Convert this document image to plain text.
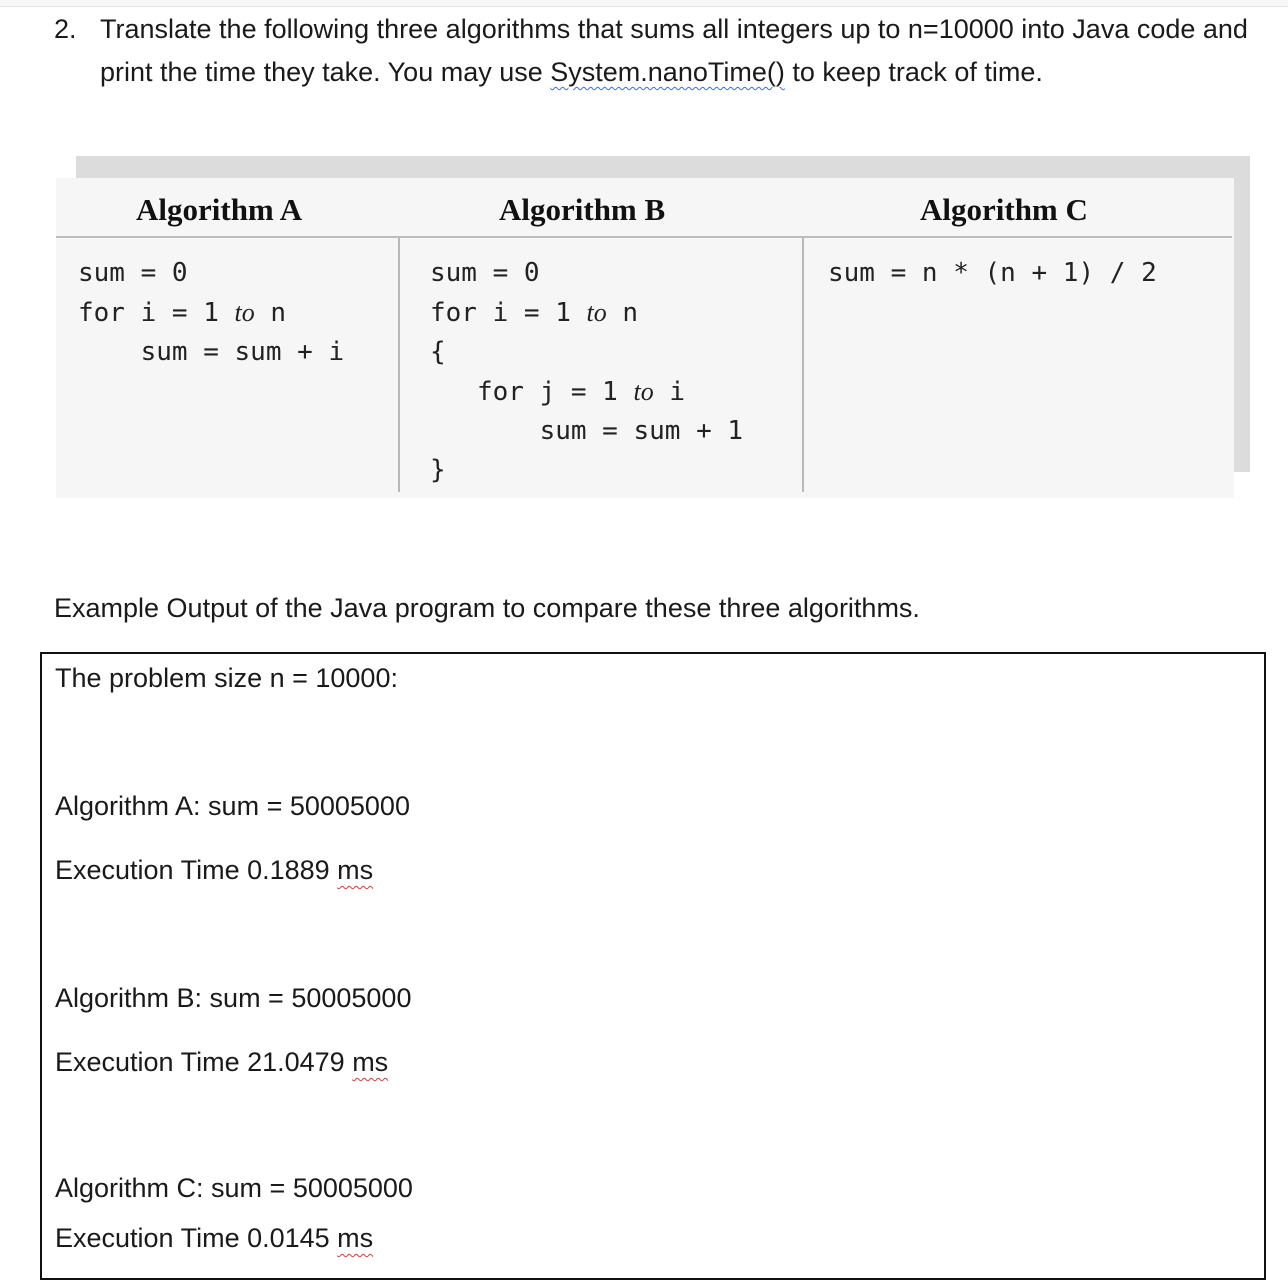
2. Translate the following three algorithms that sums all integers up to n=10000 into Java code and print the time they take. You may use System.nanoTime() to keep track of time.
Algorithm A	Algorithm B	Algorithm C
sum = 0
for i = 1 to n
sum = sum + i
sum = 0
for i = 1 to n
{
for j = 1 to i
sum = sum + 1
}
sum = n * (n + 1) / 2
Example Output of the Java program to compare these three algorithms.
The problem size n = 10000:
Algorithm A: sum = 50005000
Execution Time 0.1889 ms
Algorithm B: sum = 50005000
Execution Time 21.0479 ms
Algorithm C: sum = 50005000
Execution Time 0.0145 ms
